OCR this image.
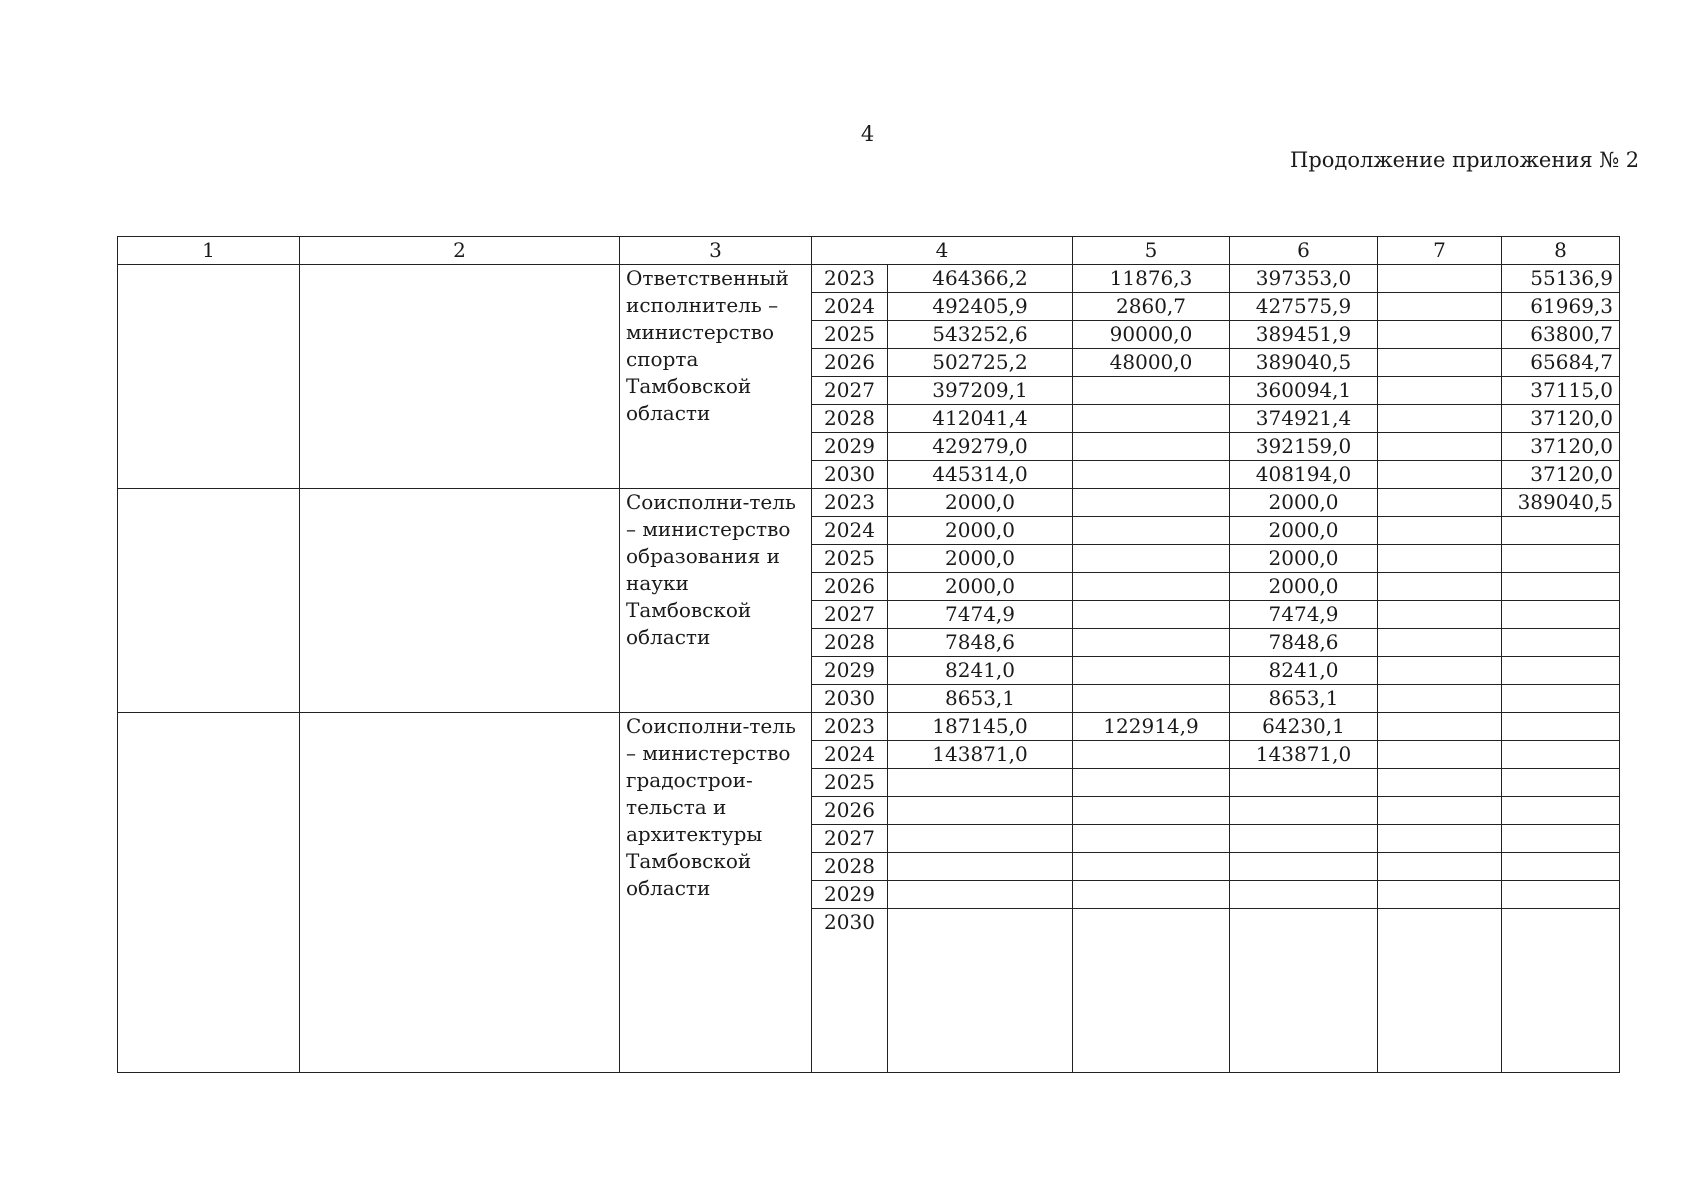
4
Продолжение приложения № 2
1	2	3	4		5	6	7	8
		Ответственный исполнитель – министерство спорта Тамбовской области	2023	464366,2	11876,3	397353,0		55136,9
			2024	492405,9	2860,7	427575,9		61969,3
			2025	543252,6	90000,0	389451,9		63800,7
			2026	502725,2	48000,0	389040,5		65684,7
			2027	397209,1		360094,1		37115,0
			2028	412041,4		374921,4		37120,0
			2029	429279,0		392159,0		37120,0
			2030	445314,0		408194,0		37120,0
		Соисполни-тель – министерство образования и науки Тамбовской области	2023	2000,0		2000,0		389040,5
			2024	2000,0		2000,0		
			2025	2000,0		2000,0		
			2026	2000,0		2000,0		
			2027	7474,9		7474,9		
			2028	7848,6		7848,6		
			2029	8241,0		8241,0		
			2030	8653,1		8653,1		
		Соисполни-тель – министерство градострои-тельста и архитектуры Тамбовской области	2023	187145,0	122914,9	64230,1		
			2024	143871,0		143871,0		
			2025					
			2026					
			2027					
			2028					
			2029					
			2030					
